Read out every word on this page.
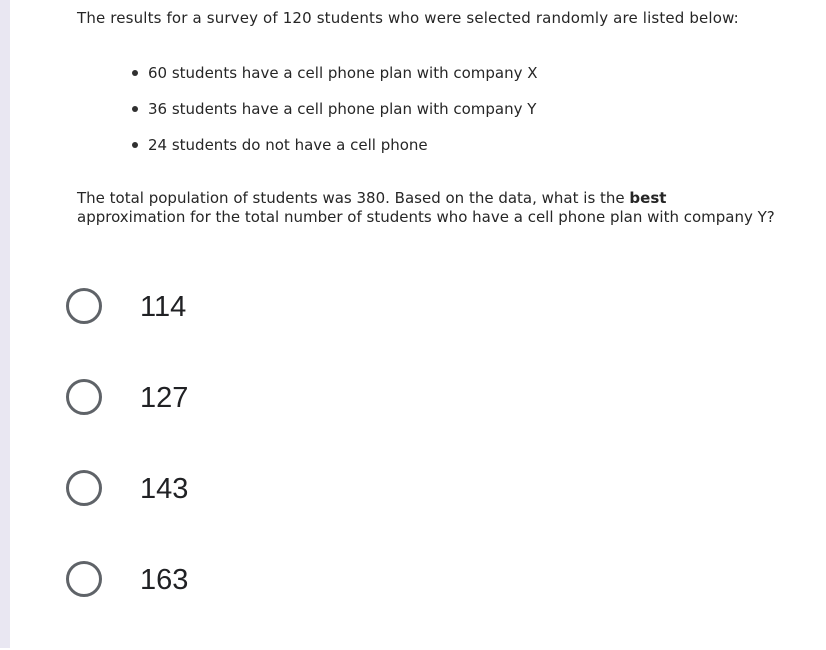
The results for a survey of 120 students who were selected randomly are listed below:
60 students have a cell phone plan with company X
36 students have a cell phone plan with company Y
24 students do not have a cell phone
The total population of students was 380. Based on the data, what is the best approximation for the total number of students who have a cell phone plan with company Y?
114
127
143
163
